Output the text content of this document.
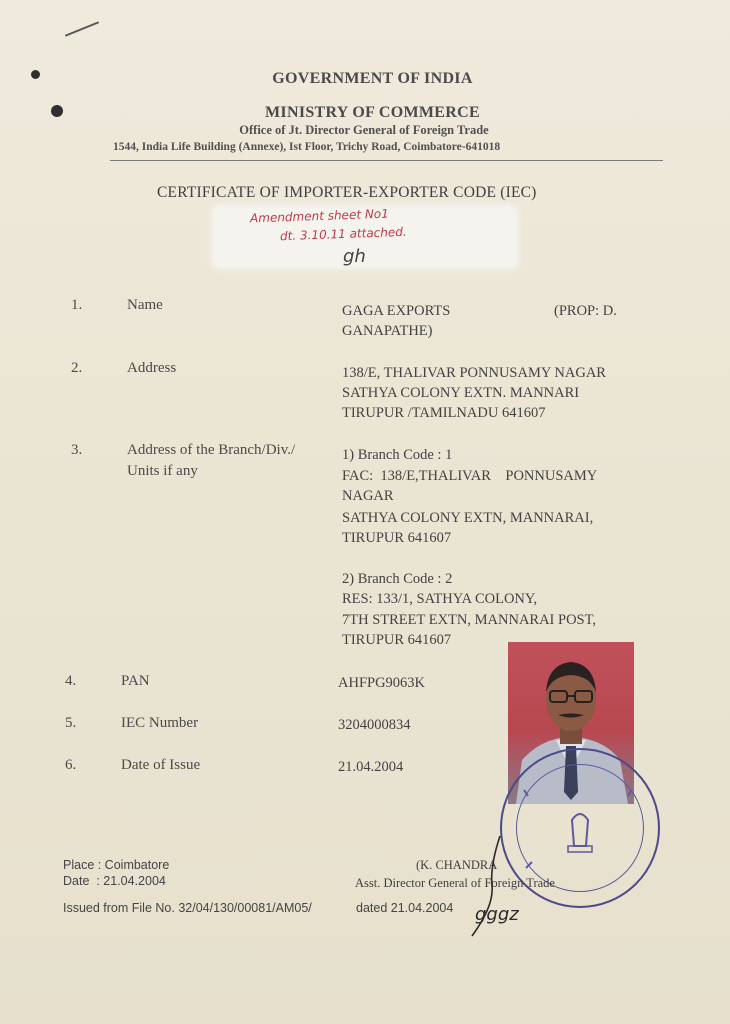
GOVERNMENT OF INDIA
MINISTRY OF COMMERCE
Office of Jt. Director General of Foreign Trade
1544, India Life Building (Annexe), Ist Floor, Trichy Road, Coimbatore-641018
CERTIFICATE OF IMPORTER-EXPORTER CODE (IEC)
Amendment sheet No1
dt. 3.10.11 attached.
gh
1.	Name	GAGA EXPORTS	(PROP: D.
GANAPATHE)
2.	Address	138/E, THALIVAR PONNUSAMY NAGAR
SATHYA COLONY EXTN. MANNARI
TIRUPUR /TAMILNADU 641607
3.	Address of the Branch/Div./
Units if any
1) Branch Code : 1
FAC:  138/E,THALIVAR    PONNUSAMY
NAGAR
SATHYA COLONY EXTN, MANNARAI,
TIRUPUR 641607
2) Branch Code : 2
RES: 133/1, SATHYA COLONY,
7TH STREET EXTN, MANNARAI POST,
TIRUPUR 641607
4.	PAN	AHFPG9063K
5.	IEC Number	3204000834
6.	Date of Issue	21.04.2004
Place : Coimbatore
Date  : 21.04.2004
(K. CHANDRA
Asst. Director General of Foreign Trade
Issued from File No. 32/04/130/00081/AM05/	dated 21.04.2004 gggz
